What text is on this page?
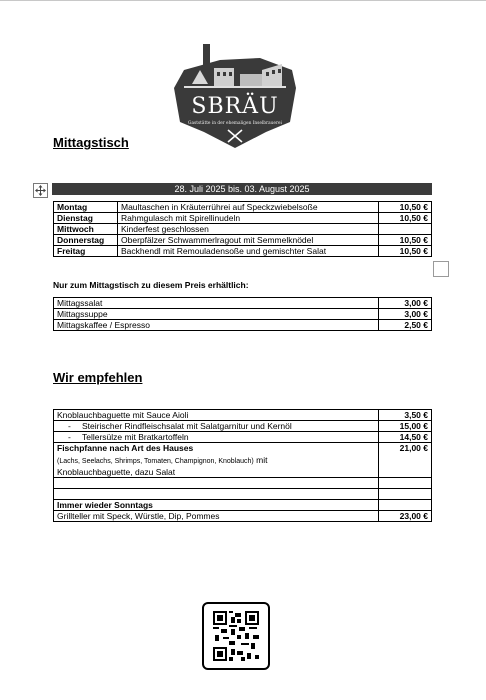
SBRÄU
Gaststätte in der ehemaligen Inselbrauerei
Mittagstisch
28. Juli 2025 bis. 03. August 2025
Montag	Maultaschen in Kräuterrührei auf Speckzwiebelsoße	10,50 €
Dienstag	Rahmgulasch mit Spirellinudeln	10,50 €
Mittwoch	Kinderfest geschlossen	
Donnerstag	Oberpfälzer Schwammerlragout mit Semmelknödel	10,50 €
Freitag	Backhendl mit Remouladensoße und gemischter Salat	10,50 €
Nur zum Mittagstisch zu diesem Preis erhältlich:
Mittagssalat	3,00 €
Mittagssuppe	3,00 €
Mittagskaffee / Espresso	2,50 €
Wir empfehlen
Knoblauchbaguette mit Sauce Aioli	3,50 €
- Steirischer Rindfleischsalat mit Salatgarnitur und Kernöl	15,00 €
- Tellersülze mit Bratkartoffeln	14,50 €

Fischpfanne nach Art des Hauses
(Lachs, Seelachs, Shrimps, Tomaten, Champignon, Knoblauch) mit
Knoblauchbaguette, dazu Salat	21,00 €

Immer wieder Sonntags	
Grillteller mit Speck, Würstle, Dip, Pommes	23,00 €
